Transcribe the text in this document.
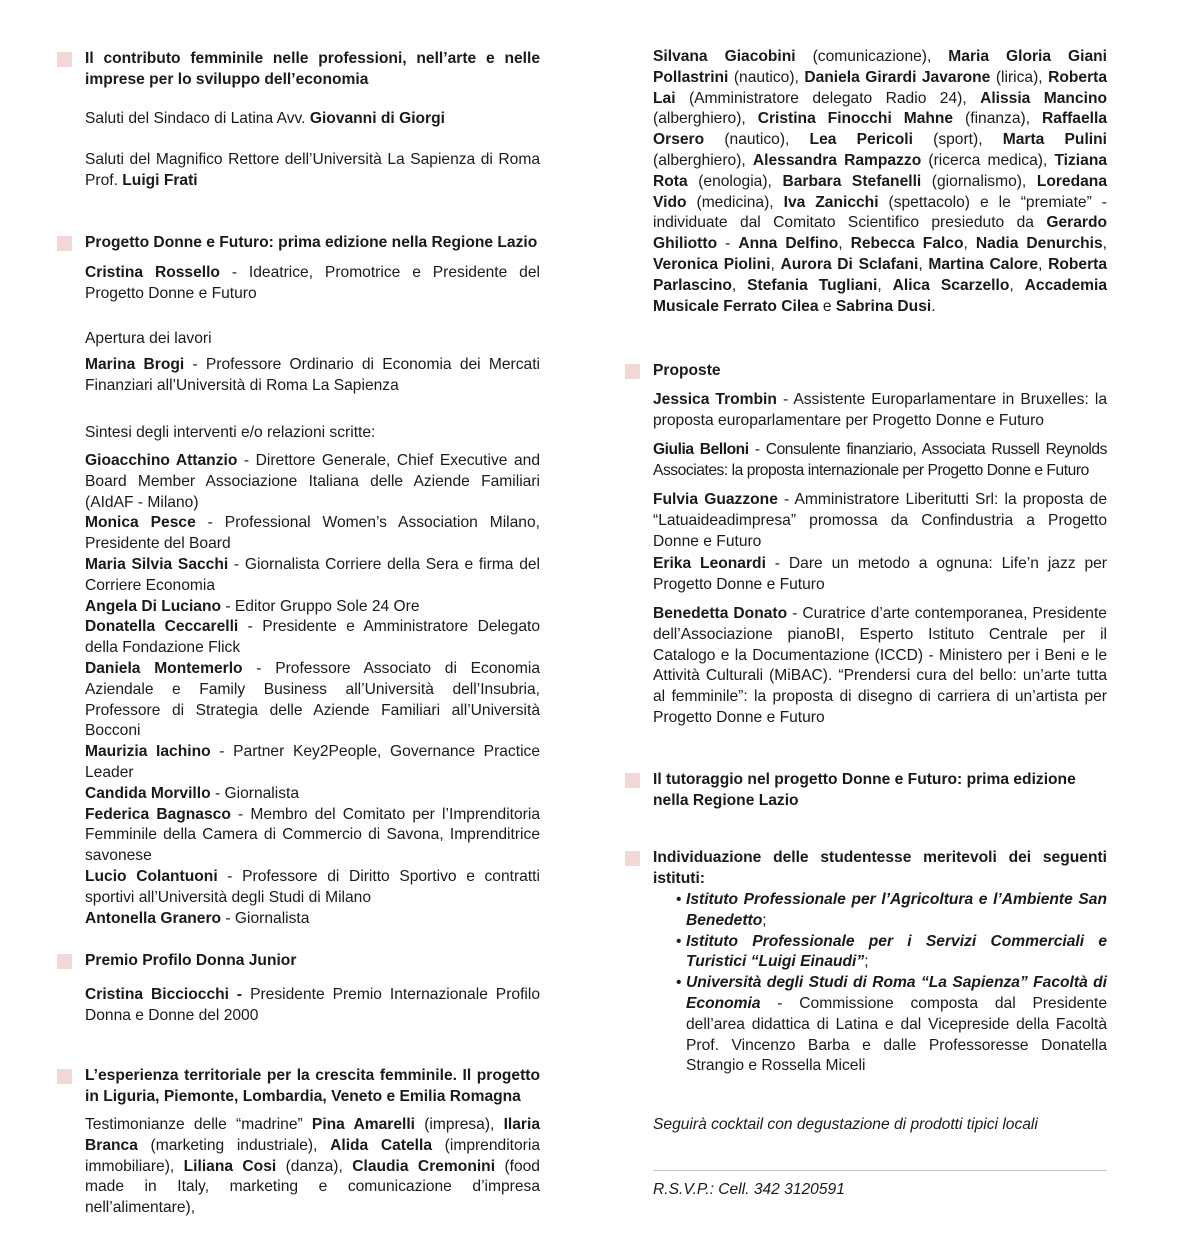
Il contributo femminile nelle professioni, nell’arte e nelle imprese per lo sviluppo dell’economia

Saluti del Sindaco di Latina Avv. Giovanni di Giorgi

Saluti del Magnifico Rettore dell’Università La Sapienza di Roma Prof. Luigi Frati

Progetto Donne e Futuro: prima edizione nella Regione Lazio

Cristina Rossello - Ideatrice, Promotrice e Presidente del Progetto Donne e Futuro

Apertura dei lavori

Marina Brogi - Professore Ordinario di Economia dei Mercati Finanziari all’Università di Roma La Sapienza

Sintesi degli interventi e/o relazioni scritte:

Gioacchino Attanzio - Direttore Generale, Chief Executive and Board Member Associazione Italiana delle Aziende Familiari (AIdAF - Milano)

Monica Pesce - Professional Women’s Association Milano, Presidente del Board

Maria Silvia Sacchi - Giornalista Corriere della Sera e firma del Corriere Economia

Angela Di Luciano - Editor Gruppo Sole 24 Ore

Donatella Ceccarelli - Presidente e Amministratore Delegato della Fondazione Flick

Daniela Montemerlo - Professore Associato di Economia Aziendale e Family Business all’Università dell’Insubria, Professore di Strategia delle Aziende Familiari all’Università Bocconi

Maurizia Iachino - Partner Key2People, Governance Practice Leader

Candida Morvillo - Giornalista

Federica Bagnasco - Membro del Comitato per l’Imprenditoria Femminile della Camera di Commercio di Savona, Imprenditrice savonese

Lucio Colantuoni - Professore di Diritto Sportivo e contratti sportivi all’Università degli Studi di Milano

Antonella Granero - Giornalista

Premio Profilo Donna Junior

Cristina Bicciocchi - Presidente Premio Internazionale Profilo Donna e Donne del 2000

L’esperienza territoriale per la crescita femminile. Il progetto in Liguria, Piemonte, Lombardia, Veneto e Emilia Romagna

Testimonianze delle “madrine” Pina Amarelli (impresa), Ilaria Branca (marketing industriale), Alida Catella (imprenditoria immobiliare), Liliana Cosi (danza), Claudia Cremonini (food made in Italy, marketing e comunicazione d’impresa nell’alimentare),

Silvana Giacobini (comunicazione), Maria Gloria Giani Pollastrini (nautico), Daniela Girardi Javarone (lirica), Roberta Lai (Amministratore delegato Radio 24), Alissia Mancino (alberghiero), Cristina Finocchi Mahne (finanza), Raffaella Orsero (nautico), Lea Pericoli (sport), Marta Pulini (alberghiero), Alessandra Rampazzo (ricerca medica), Tiziana Rota (enologia), Barbara Stefanelli (giornalismo), Loredana Vido (medicina), Iva Zanicchi (spettacolo) e le “premiate” - individuate dal Comitato Scientifico presieduto da Gerardo Ghiliotto - Anna Delfino, Rebecca Falco, Nadia Denurchis, Veronica Piolini, Aurora Di Sclafani, Martina Calore, Roberta Parlascino, Stefania Tugliani, Alica Scarzello, Accademia Musicale Ferrato Cilea e Sabrina Dusi.

Proposte

Jessica Trombin - Assistente Europarlamentare in Bruxelles: la proposta europarlamentare per Progetto Donne e Futuro

Giulia Belloni - Consulente finanziario, Associata Russell Reynolds Associates: la proposta internazionale per Progetto Donne e Futuro

Fulvia Guazzone - Amministratore Liberitutti Srl: la proposta de “Latuaideadimpresa” promossa da Confindustria a Progetto Donne e Futuro

Erika Leonardi - Dare un metodo a ognuna: Life’n jazz per Progetto Donne e Futuro

Benedetta Donato - Curatrice d’arte contemporanea, Presidente dell’Associazione pianoBI, Esperto Istituto Centrale per il Catalogo e la Documentazione (ICCD) - Ministero per i Beni e le Attività Culturali (MiBAC). “Prendersi cura del bello: un’arte tutta al femminile”: la proposta di disegno di carriera di un’artista per Progetto Donne e Futuro

Il tutoraggio nel progetto Donne e Futuro: prima edizione nella Regione Lazio

Individuazione delle studentesse meritevoli dei seguenti istituti:

• Istituto Professionale per l’Agricoltura e l’Ambiente San Benedetto;
• Istituto Professionale per i Servizi Commerciali e Turistici “Luigi Einaudi”;
• Università degli Studi di Roma “La Sapienza” Facoltà di Economia - Commissione composta dal Presidente dell’area didattica di Latina e dal Vicepreside della Facoltà Prof. Vincenzo Barba e dalle Professoresse Donatella Strangio e Rossella Miceli

Seguirà cocktail con degustazione di prodotti tipici locali

R.S.V.P.: Cell. 342 3120591
